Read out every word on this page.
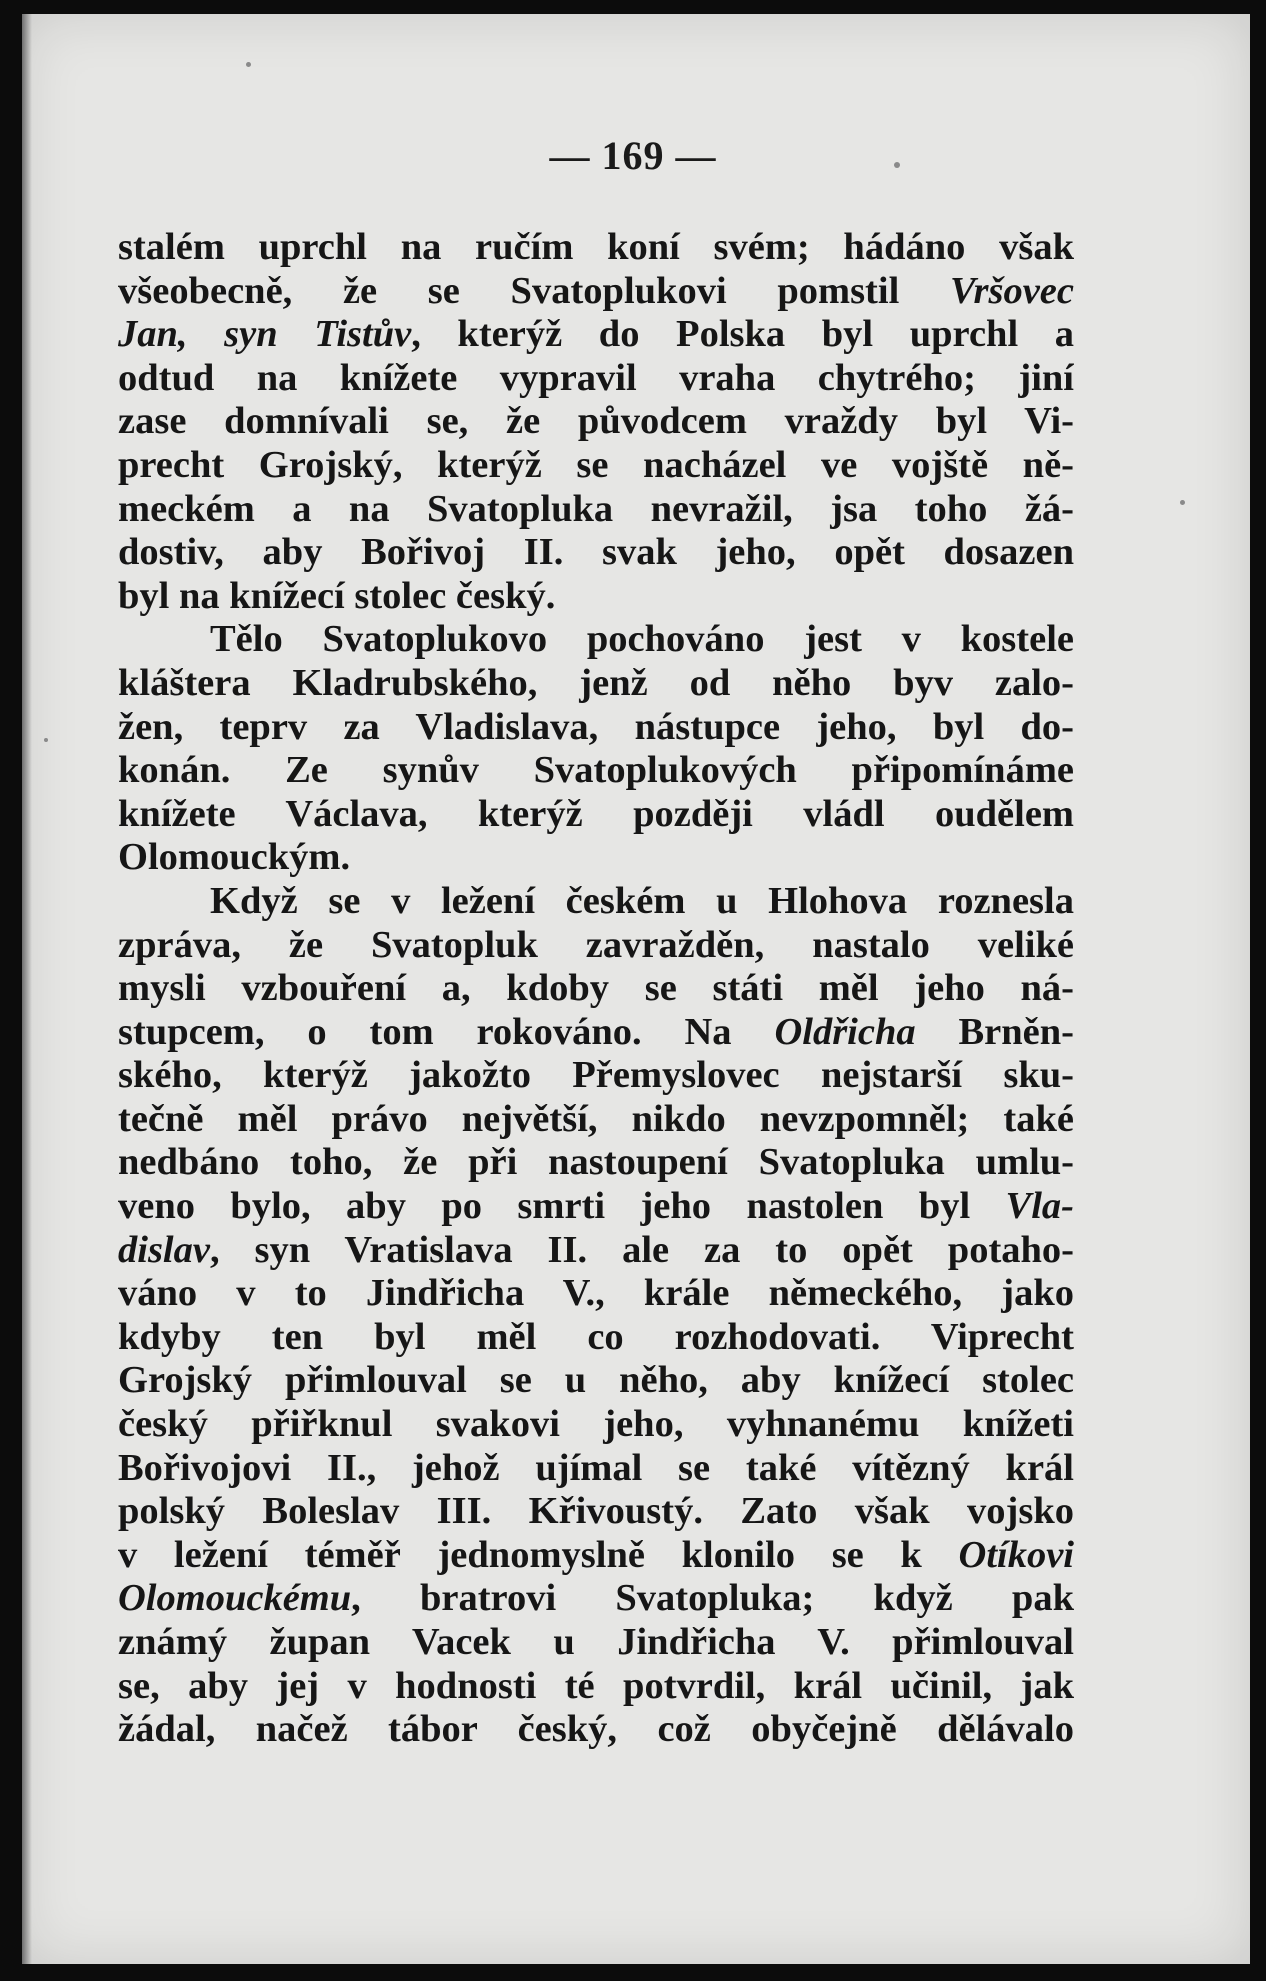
— 169 —
stalém uprchl na ručím koní svém; hádáno však
všeobecně, že se Svatoplukovi pomstil Vršovec
Jan, syn Tistův, kterýž do Polska byl uprchl a
odtud na knížete vypravil vraha chytrého; jiní
zase domnívali se, že původcem vraždy byl Vi-
precht Grojský, kterýž se nacházel ve vojště ně-
meckém a na Svatopluka nevražil, jsa toho žá-
dostiv, aby Bořivoj II. svak jeho, opět dosazen
byl na knížecí stolec český.
Tělo Svatoplukovo pochováno jest v kostele
kláštera Kladrubského, jenž od něho byv zalo-
žen, teprv za Vladislava, nástupce jeho, byl do-
konán. Ze synův Svatoplukových připomínáme
knížete Václava, kterýž později vládl oudělem
Olomouckým.
Když se v ležení českém u Hlohova roznesla
zpráva, že Svatopluk zavražděn, nastalo veliké
mysli vzbouření a, kdoby se státi měl jeho ná-
stupcem, o tom rokováno. Na Oldřicha Brněn-
ského, kterýž jakožto Přemyslovec nejstarší sku-
tečně měl právo největší, nikdo nevzpomněl; také
nedbáno toho, že při nastoupení Svatopluka umlu-
veno bylo, aby po smrti jeho nastolen byl Vla-
dislav, syn Vratislava II. ale za to opět potaho-
váno v to Jindřicha V., krále německého, jako
kdyby ten byl měl co rozhodovati. Viprecht
Grojský přimlouval se u něho, aby knížecí stolec
český přiřknul svakovi jeho, vyhnanému knížeti
Bořivojovi II., jehož ujímal se také vítězný král
polský Boleslav III. Křivoustý. Zato však vojsko
v ležení téměř jednomyslně klonilo se k Otíkovi
Olomouckému, bratrovi Svatopluka; když pak
známý župan Vacek u Jindřicha V. přimlouval
se, aby jej v hodnosti té potvrdil, král učinil, jak
žádal, načež tábor český, což obyčejně dělávalo
